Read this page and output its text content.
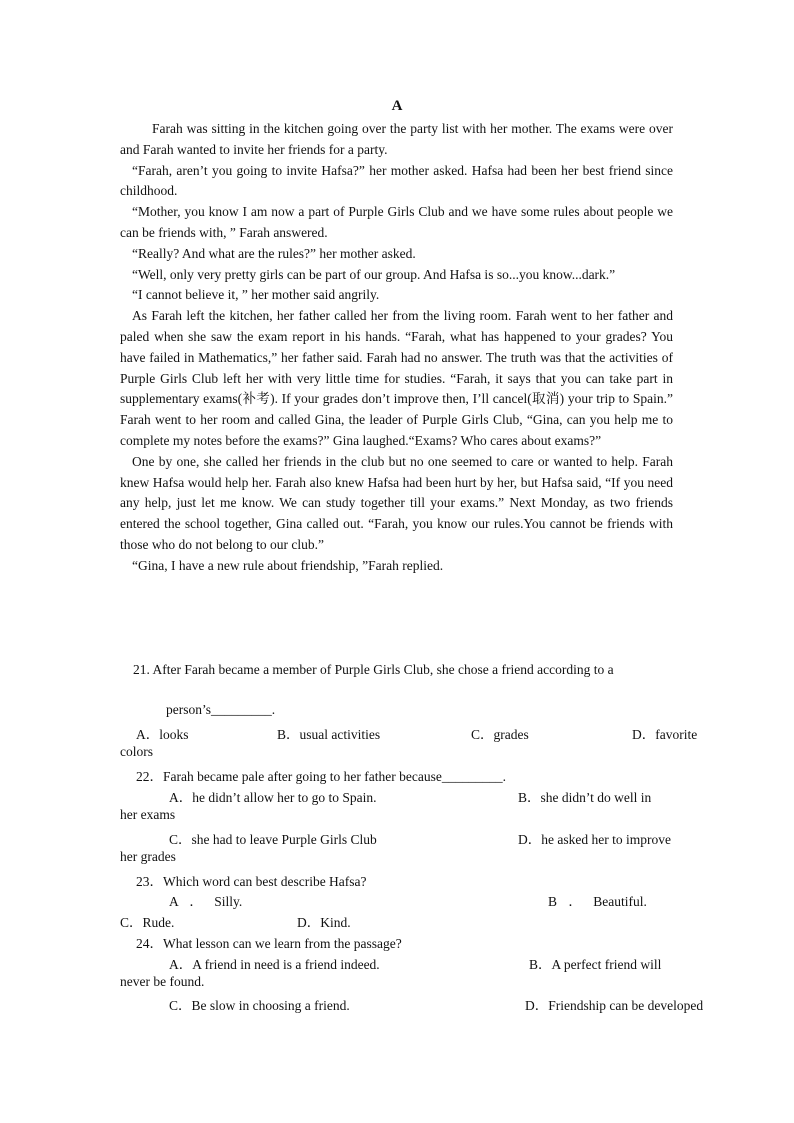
A

Farah was sitting in the kitchen going over the party list with her mother. The exams were over and Farah wanted to invite her friends for a party.

“Farah, aren’t you going to invite Hafsa?” her mother asked. Hafsa had been her best friend since childhood.

“Mother, you know I am now a part of Purple Girls Club and we have some rules about people we can be friends with, ” Farah answered.

“Really? And what are the rules?” her mother asked.

“Well, only very pretty girls can be part of our group. And Hafsa is so...you know...dark.”

“I cannot believe it, ” her mother said angrily.

As Farah left the kitchen, her father called her from the living room. Farah went to her father and paled when she saw the exam report in his hands. “Farah, what has happened to your grades? You have failed in Mathematics,” her father said. Farah had no answer. The truth was that the activities of Purple Girls Club left her with very little time for studies. “Farah, it says that you can take part in supplementary exams(补考). If your grades don’t improve then, I’ll cancel(取消) your trip to Spain.” Farah went to her room and called Gina, the leader of Purple Girls Club, “Gina, can you help me to complete my notes before the exams?” Gina laughed.“Exams? Who cares about exams?”

One by one, she called her friends in the club but no one seemed to care or wanted to help. Farah knew Hafsa would help her. Farah also knew Hafsa had been hurt by her, but Hafsa said, “If you need any help, just let me know. We can study together till your exams.” Next Monday, as two friends entered the school together, Gina called out. “Farah, you know our rules.You cannot be friends with those who do not belong to our club.”

“Gina, I have a new rule about friendship, ”Farah replied.

21. After Farah became a member of Purple Girls Club, she chose a friend according to a
person’s_________.
A．looks	B．usual activities	C．grades	D．favorite
colors
22．Farah became pale after going to her father because_________.
A．he didn’t allow her to go to Spain.	B．she didn’t do well in
her exams
C．she had to leave Purple Girls Club	D．he asked her to improve
her grades
23．Which word can best describe Hafsa?
A ． Silly.	B ． Beautiful.
C．Rude.	D．Kind.
24．What lesson can we learn from the passage?
A．A friend in need is a friend indeed.	B．A perfect friend will
never be found.
C．Be slow in choosing a friend.	D．Friendship can be developed
